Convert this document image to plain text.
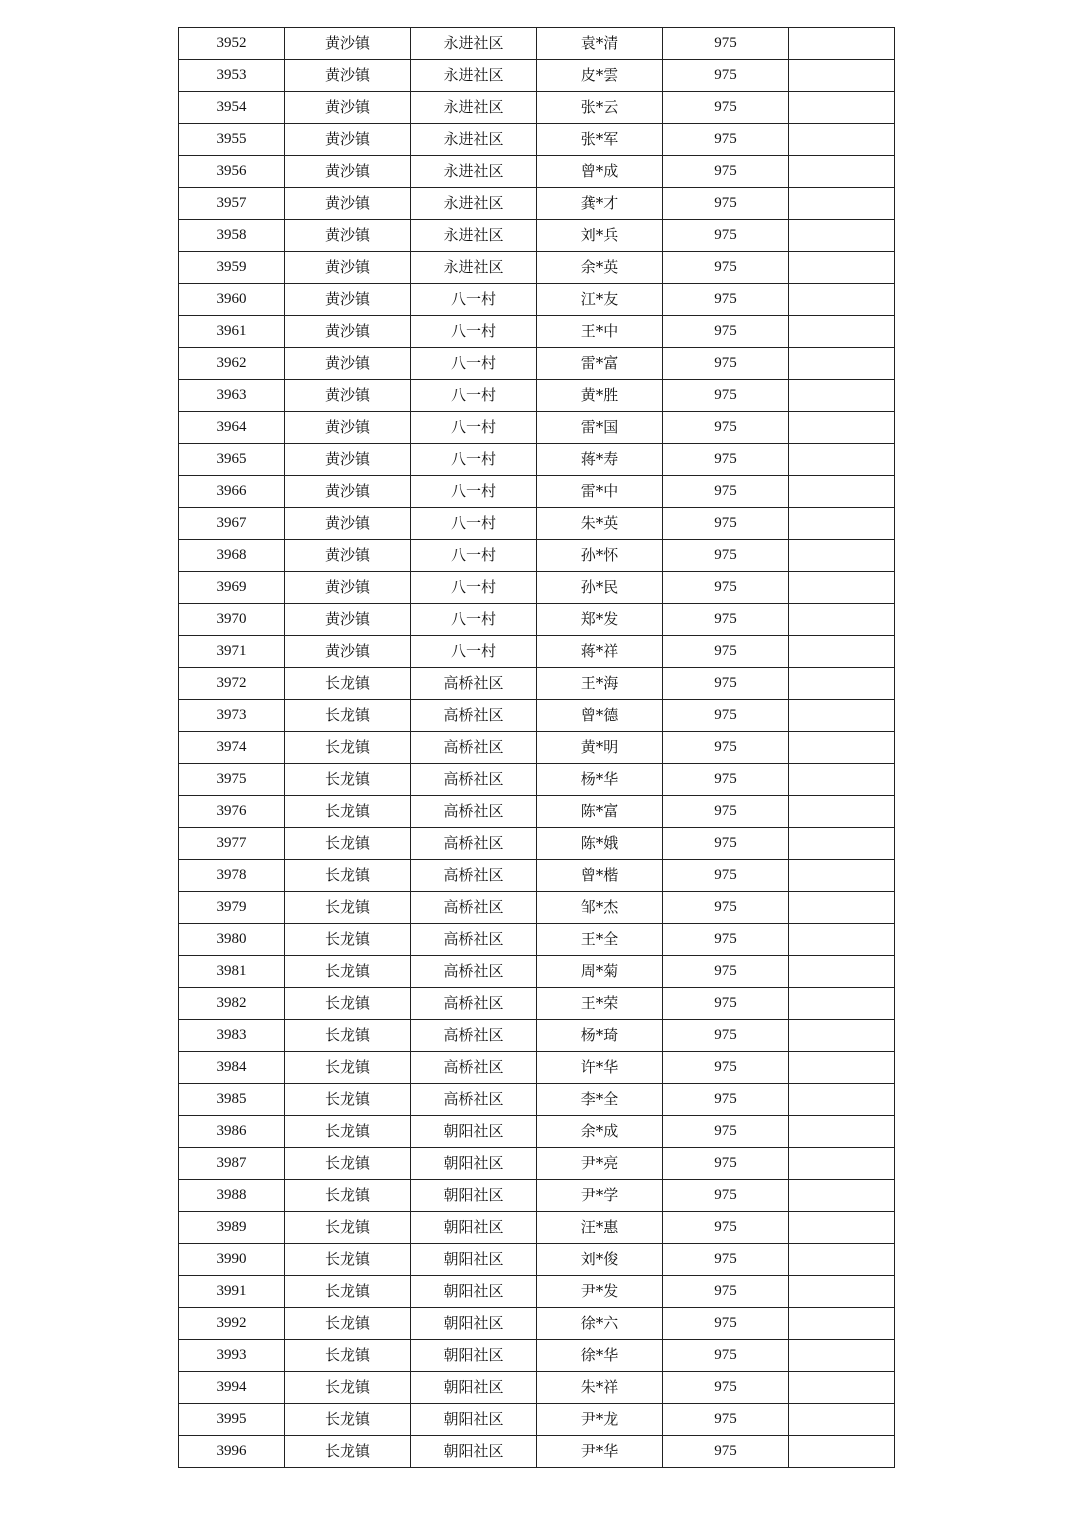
3952	黄沙镇	永进社区	袁*清	975	
3953	黄沙镇	永进社区	皮*雲	975	
3954	黄沙镇	永进社区	张*云	975	
3955	黄沙镇	永进社区	张*军	975	
3956	黄沙镇	永进社区	曾*成	975	
3957	黄沙镇	永进社区	龚*才	975	
3958	黄沙镇	永进社区	刘*兵	975	
3959	黄沙镇	永进社区	余*英	975	
3960	黄沙镇	八一村	江*友	975	
3961	黄沙镇	八一村	王*中	975	
3962	黄沙镇	八一村	雷*富	975	
3963	黄沙镇	八一村	黄*胜	975	
3964	黄沙镇	八一村	雷*国	975	
3965	黄沙镇	八一村	蒋*寿	975	
3966	黄沙镇	八一村	雷*中	975	
3967	黄沙镇	八一村	朱*英	975	
3968	黄沙镇	八一村	孙*怀	975	
3969	黄沙镇	八一村	孙*民	975	
3970	黄沙镇	八一村	郑*发	975	
3971	黄沙镇	八一村	蒋*祥	975	
3972	长龙镇	高桥社区	王*海	975	
3973	长龙镇	高桥社区	曾*德	975	
3974	长龙镇	高桥社区	黄*明	975	
3975	长龙镇	高桥社区	杨*华	975	
3976	长龙镇	高桥社区	陈*富	975	
3977	长龙镇	高桥社区	陈*娥	975	
3978	长龙镇	高桥社区	曾*楷	975	
3979	长龙镇	高桥社区	邹*杰	975	
3980	长龙镇	高桥社区	王*全	975	
3981	长龙镇	高桥社区	周*菊	975	
3982	长龙镇	高桥社区	王*荣	975	
3983	长龙镇	高桥社区	杨*琦	975	
3984	长龙镇	高桥社区	许*华	975	
3985	长龙镇	高桥社区	李*全	975	
3986	长龙镇	朝阳社区	余*成	975	
3987	长龙镇	朝阳社区	尹*亮	975	
3988	长龙镇	朝阳社区	尹*学	975	
3989	长龙镇	朝阳社区	汪*惠	975	
3990	长龙镇	朝阳社区	刘*俊	975	
3991	长龙镇	朝阳社区	尹*发	975	
3992	长龙镇	朝阳社区	徐*六	975	
3993	长龙镇	朝阳社区	徐*华	975	
3994	长龙镇	朝阳社区	朱*祥	975	
3995	长龙镇	朝阳社区	尹*龙	975	
3996	长龙镇	朝阳社区	尹*华	975	
